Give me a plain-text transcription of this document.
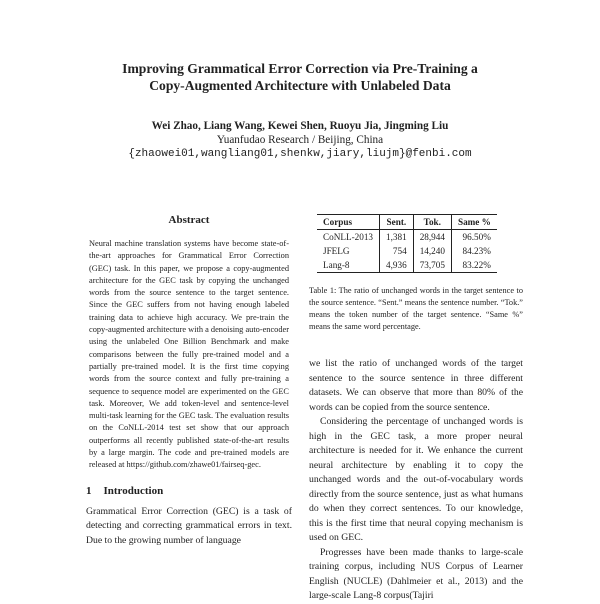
Improving Grammatical Error Correction via Pre-Training a
Copy-Augmented Architecture with Unlabeled Data
Wei Zhao, Liang Wang, Kewei Shen, Ruoyu Jia, Jingming Liu
Yuanfudao Research / Beijing, China
{zhaowei01,wangliang01,shenkw,jiary,liujm}@fenbi.com
Abstract

Neural machine translation systems have become state-of-the-art approaches for Grammatical Error Correction (GEC) task. In this paper, we propose a copy-augmented architecture for the GEC task by copying the unchanged words from the source sentence to the target sentence. Since the GEC suffers from not having enough labeled training data to achieve high accuracy. We pre-train the copy-augmented architecture with a denoising auto-encoder using the unlabeled One Billion Benchmark and make comparisons between the fully pre-trained model and a partially pre-trained model. It is the first time copying words from the source context and fully pre-training a sequence to sequence model are experimented on the GEC task. Moreover, We add token-level and sentence-level multi-task learning for the GEC task. The evaluation results on the CoNLL-2014 test set show that our approach outperforms all recently published state-of-the-art results by a large margin. The code and pre-trained models are released at https://github.com/zhawe01/fairseq-gec.

1 Introduction

Grammatical Error Correction (GEC) is a task of detecting and correcting grammatical errors in text. Due to the growing number of language

Corpus	Sent.	Tok.	Same %
CoNLL-2013	1,381	28,944	96.50%
JFELG	754	14,240	84.23%
Lang-8	4,936	73,705	83.22%

Table 1: The ratio of unchanged words in the target sentence to the source sentence. “Sent.” means the sentence number. “Tok.” means the token number of the target sentence. “Same %” means the same word percentage.

we list the ratio of unchanged words of the target sentence to the source sentence in three different datasets. We can observe that more than 80% of the words can be copied from the source sentence.

Considering the percentage of unchanged words is high in the GEC task, a more proper neural architecture is needed for it. We enhance the current neural architecture by enabling it to copy the unchanged words and the out-of-vocabulary words directly from the source sentence, just as what humans do when they correct sentences. To our knowledge, this is the first time that neural copying mechanism is used on GEC.

Progresses have been made thanks to large-scale training corpus, including NUS Corpus of Learner English (NUCLE) (Dahlmeier et al., 2013) and the large-scale Lang-8 corpus(Tajiri
